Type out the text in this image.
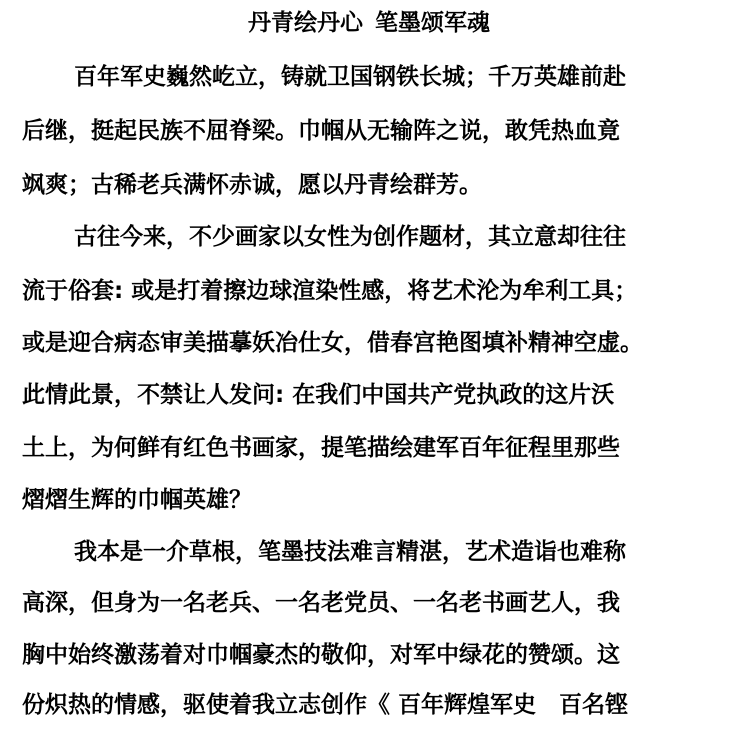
丹青绘丹心 笔墨颂军魂
百年军史巍然屹立，铸就卫国钢铁长城；千万英雄前赴
后继，挺起民族不屈脊梁。巾帼从无输阵之说，敢凭热血竟
飒爽；古稀老兵满怀赤诚，愿以丹青绘群芳。
古往今来，不少画家以女性为创作题材，其立意却往往
流于俗套: 或是打着擦边球渲染性感，将艺术沦为牟利工具；
或是迎合病态审美描摹妖冶仕女，借春宫艳图填补精神空虚。
此情此景，不禁让人发问: 在我们中国共产党执政的这片沃
土上，为何鲜有红色书画家，提笔描绘建军百年征程里那些
熠熠生辉的巾帼英雄？
我本是一介草根，笔墨技法难言精湛，艺术造诣也难称
高深，但身为一名老兵、一名老党员、一名老书画艺人，我
胸中始终激荡着对巾帼豪杰的敬仰，对军中绿花的赞颂。这
份炽热的情感，驱使着我立志创作《 百年辉煌军史　百名铿
